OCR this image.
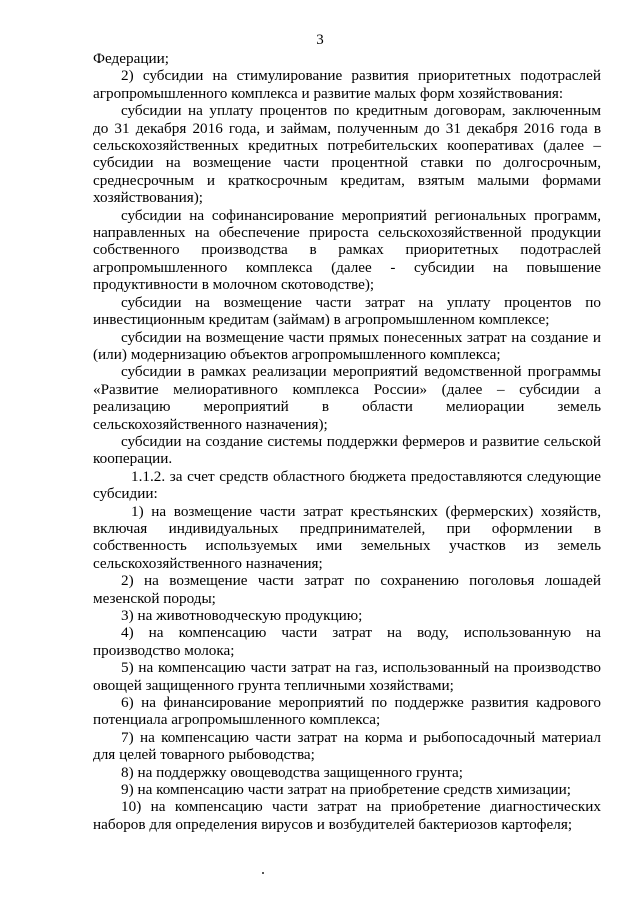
3

Федерации;

2) субсидии на стимулирование развития приоритетных подотраслей агропромышленного комплекса и развитие малых форм хозяйствования:

субсидии на уплату процентов по кредитным договорам, заключенным до 31 декабря 2016 года, и займам, полученным до 31 декабря 2016 года в сельскохозяйственных кредитных потребительских кооперативах (далее – субсидии на возмещение части процентной ставки по долгосрочным, среднесрочным и краткосрочным кредитам, взятым малыми формами хозяйствования);

субсидии на софинансирование мероприятий региональных программ, направленных на обеспечение прироста сельскохозяйственной продукции собственного производства в рамках приоритетных подотраслей агропромышленного комплекса (далее - субсидии на повышение продуктивности в молочном скотоводстве);

субсидии на возмещение части затрат на уплату процентов по инвестиционным кредитам (займам) в агропромышленном комплексе;

субсидии на возмещение части прямых понесенных затрат на создание и (или) модернизацию объектов агропромышленного комплекса;

субсидии в рамках реализации мероприятий ведомственной программы «Развитие мелиоративного комплекса России» (далее – субсидии а реализацию мероприятий в области мелиорации земель сельскохозяйственного назначения);

субсидии на создание системы поддержки фермеров и развитие сельской кооперации.

1.1.2. за счет средств областного бюджета предоставляются следующие субсидии:

1) на возмещение части затрат крестьянских (фермерских) хозяйств, включая индивидуальных предпринимателей, при оформлении в собственность используемых ими земельных участков из земель сельскохозяйственного назначения;

2) на возмещение части затрат по сохранению поголовья лошадей мезенской породы;

3) на животноводческую продукцию;

4) на компенсацию части затрат на воду, использованную на производство молока;

5) на компенсацию части затрат на газ, использованный на производство овощей защищенного грунта тепличными хозяйствами;

6) на финансирование мероприятий по поддержке развития кадрового потенциала агропромышленного комплекса;

7) на компенсацию части затрат на корма и рыбопосадочный материал для целей товарного рыбоводства;

8) на поддержку овощеводства защищенного грунта;

9) на компенсацию части затрат на приобретение средств химизации;

10) на компенсацию части затрат на приобретение диагностических наборов для определения вирусов и возбудителей бактериозов картофеля;
